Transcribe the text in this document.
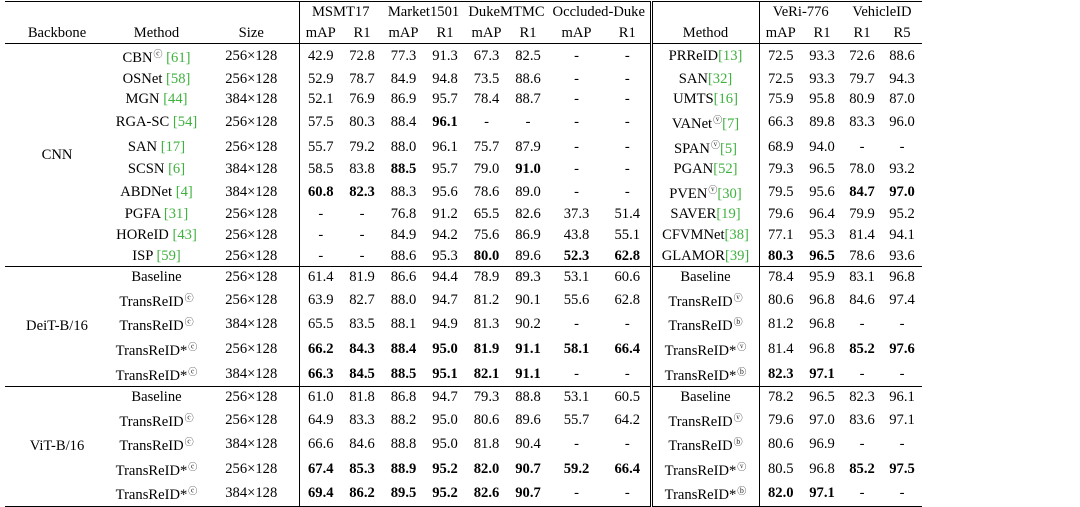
			MSMT17		Market1501		DukeMTMC		Occluded-Duke			VeRi-776		VehicleID	
Backbone	Method	Size	mAP	R1	mAP	R1	mAP	R1	mAP	R1	Method	mAP	R1	R1	R5
CNN	CBNⓒ [61]	256×128	42.9	72.8	77.3	91.3	67.3	82.5	-	-	PRReID[13]	72.5	93.3	72.6	88.6
	OSNet [58]	256×128	52.9	78.7	84.9	94.8	73.5	88.6	-	-	SAN[32]	72.5	93.3	79.7	94.3
	MGN [44]	384×128	52.1	76.9	86.9	95.7	78.4	88.7	-	-	UMTS[16]	75.9	95.8	80.9	87.0
	RGA-SC [54]	256×128	57.5	80.3	88.4	96.1	-	-	-	-	VANetⓥ[7]	66.3	89.8	83.3	96.0
	SAN [17]	256×128	55.7	79.2	88.0	96.1	75.7	87.9	-	-	SPANⓥ[5]	68.9	94.0	-	-
	SCSN [6]	384×128	58.5	83.8	88.5	95.7	79.0	91.0	-	-	PGAN[52]	79.3	96.5	78.0	93.2
	ABDNet [4]	384×128	60.8	82.3	88.3	95.6	78.6	89.0	-	-	PVENⓥ[30]	79.5	95.6	84.7	97.0
	PGFA [31]	256×128	-	-	76.8	91.2	65.5	82.6	37.3	51.4	SAVER[19]	79.6	96.4	79.9	95.2
	HOReID [43]	256×128	-	-	84.9	94.2	75.6	86.9	43.8	55.1	CFVMNet[38]	77.1	95.3	81.4	94.1
	ISP [59]	256×128	-	-	88.6	95.3	80.0	89.6	52.3	62.8	GLAMOR[39]	80.3	96.5	78.6	93.6
DeiT-B/16	Baseline	256×128	61.4	81.9	86.6	94.4	78.9	89.3	53.1	60.6	Baseline	78.4	95.9	83.1	96.8
	TransReIDⓒ	256×128	63.9	82.7	88.0	94.7	81.2	90.1	55.6	62.8	TransReIDⓥ	80.6	96.8	84.6	97.4
	TransReIDⓒ	384×128	65.5	83.5	88.1	94.9	81.3	90.2	-	-	TransReIDⓑ	81.2	96.8	-	-
	TransReID*ⓒ	256×128	66.2	84.3	88.4	95.0	81.9	91.1	58.1	66.4	TransReID*ⓥ	81.4	96.8	85.2	97.6
	TransReID*ⓒ	384×128	66.3	84.5	88.5	95.1	82.1	91.1	-	-	TransReID*ⓑ	82.3	97.1	-	-
ViT-B/16	Baseline	256×128	61.0	81.8	86.8	94.7	79.3	88.8	53.1	60.5	Baseline	78.2	96.5	82.3	96.1
	TransReIDⓒ	256×128	64.9	83.3	88.2	95.0	80.6	89.6	55.7	64.2	TransReIDⓥ	79.6	97.0	83.6	97.1
	TransReIDⓒ	384×128	66.6	84.6	88.8	95.0	81.8	90.4	-	-	TransReIDⓑ	80.6	96.9	-	-
	TransReID*ⓒ	256×128	67.4	85.3	88.9	95.2	82.0	90.7	59.2	66.4	TransReID*ⓥ	80.5	96.8	85.2	97.5
	TransReID*ⓒ	384×128	69.4	86.2	89.5	95.2	82.6	90.7	-	-	TransReID*ⓑ	82.0	97.1	-	-
